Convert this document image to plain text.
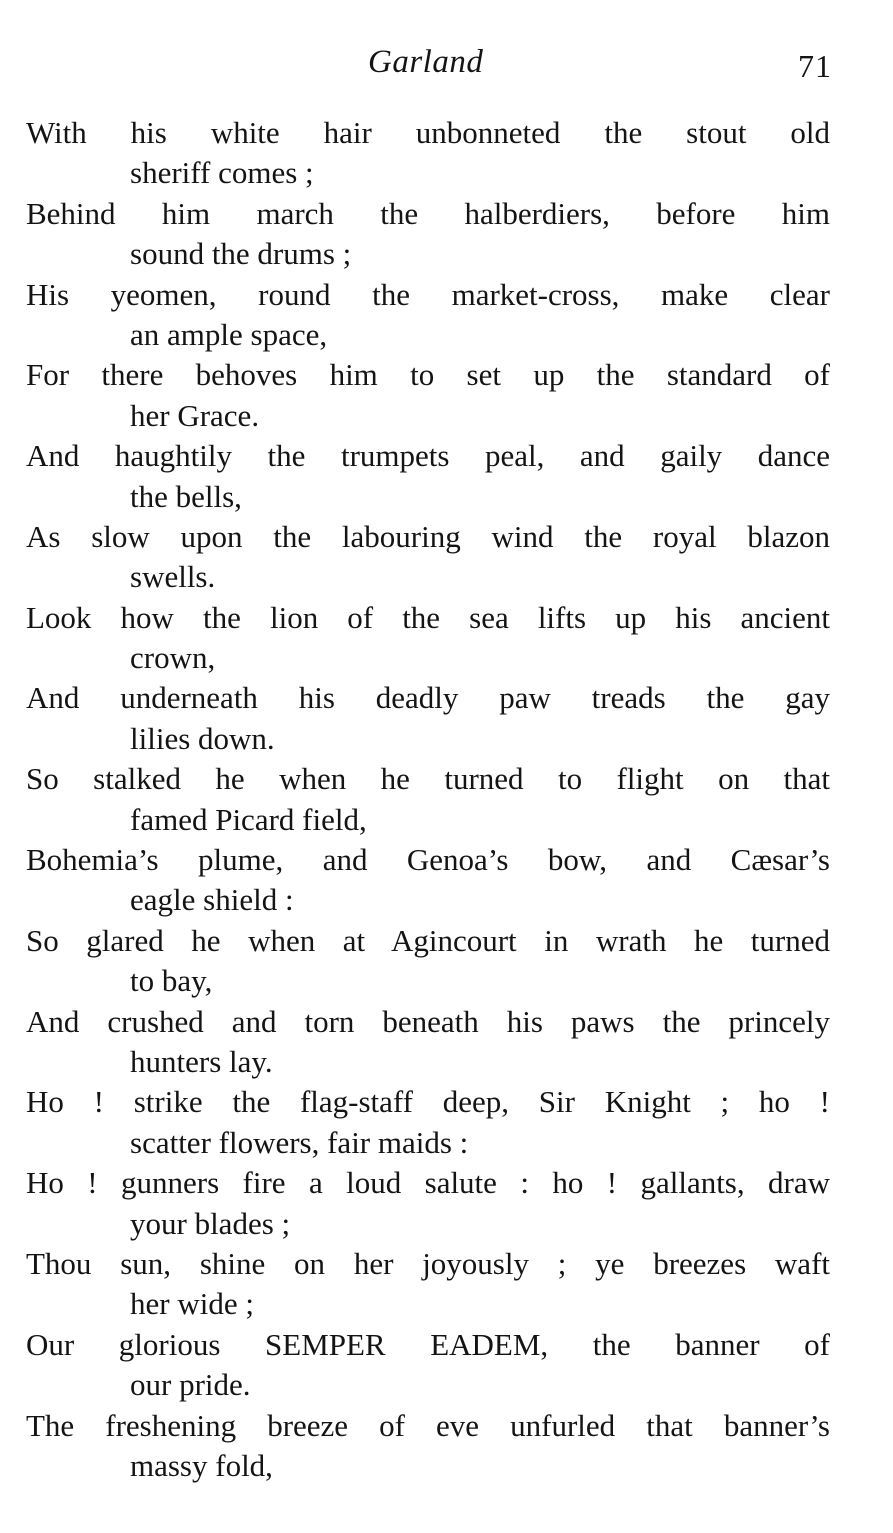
Garland	71

With his white hair unbonneted the stout old
sheriff comes ;

Behind him march the halberdiers, before him
sound the drums ;

His yeomen, round the market-cross, make clear
an ample space,

For there behoves him to set up the standard of
her Grace.

And haughtily the trumpets peal, and gaily dance
the bells,

As slow upon the labouring wind the royal blazon
swells.

Look how the lion of the sea lifts up his ancient
crown,

And underneath his deadly paw treads the gay
lilies down.

So stalked he when he turned to flight on that
famed Picard field,

Bohemia’s plume, and Genoa’s bow, and Cæsar’s
eagle shield :

So glared he when at Agincourt in wrath he turned
to bay,

And crushed and torn beneath his paws the princely
hunters lay.

Ho ! strike the flag-staff deep, Sir Knight ; ho !
scatter flowers, fair maids :

Ho ! gunners fire a loud salute : ho ! gallants, draw
your blades ;

Thou sun, shine on her joyously ; ye breezes waft
her wide ;

Our glorious SEMPER EADEM, the banner of
our pride.

The freshening breeze of eve unfurled that banner’s
massy fold,
